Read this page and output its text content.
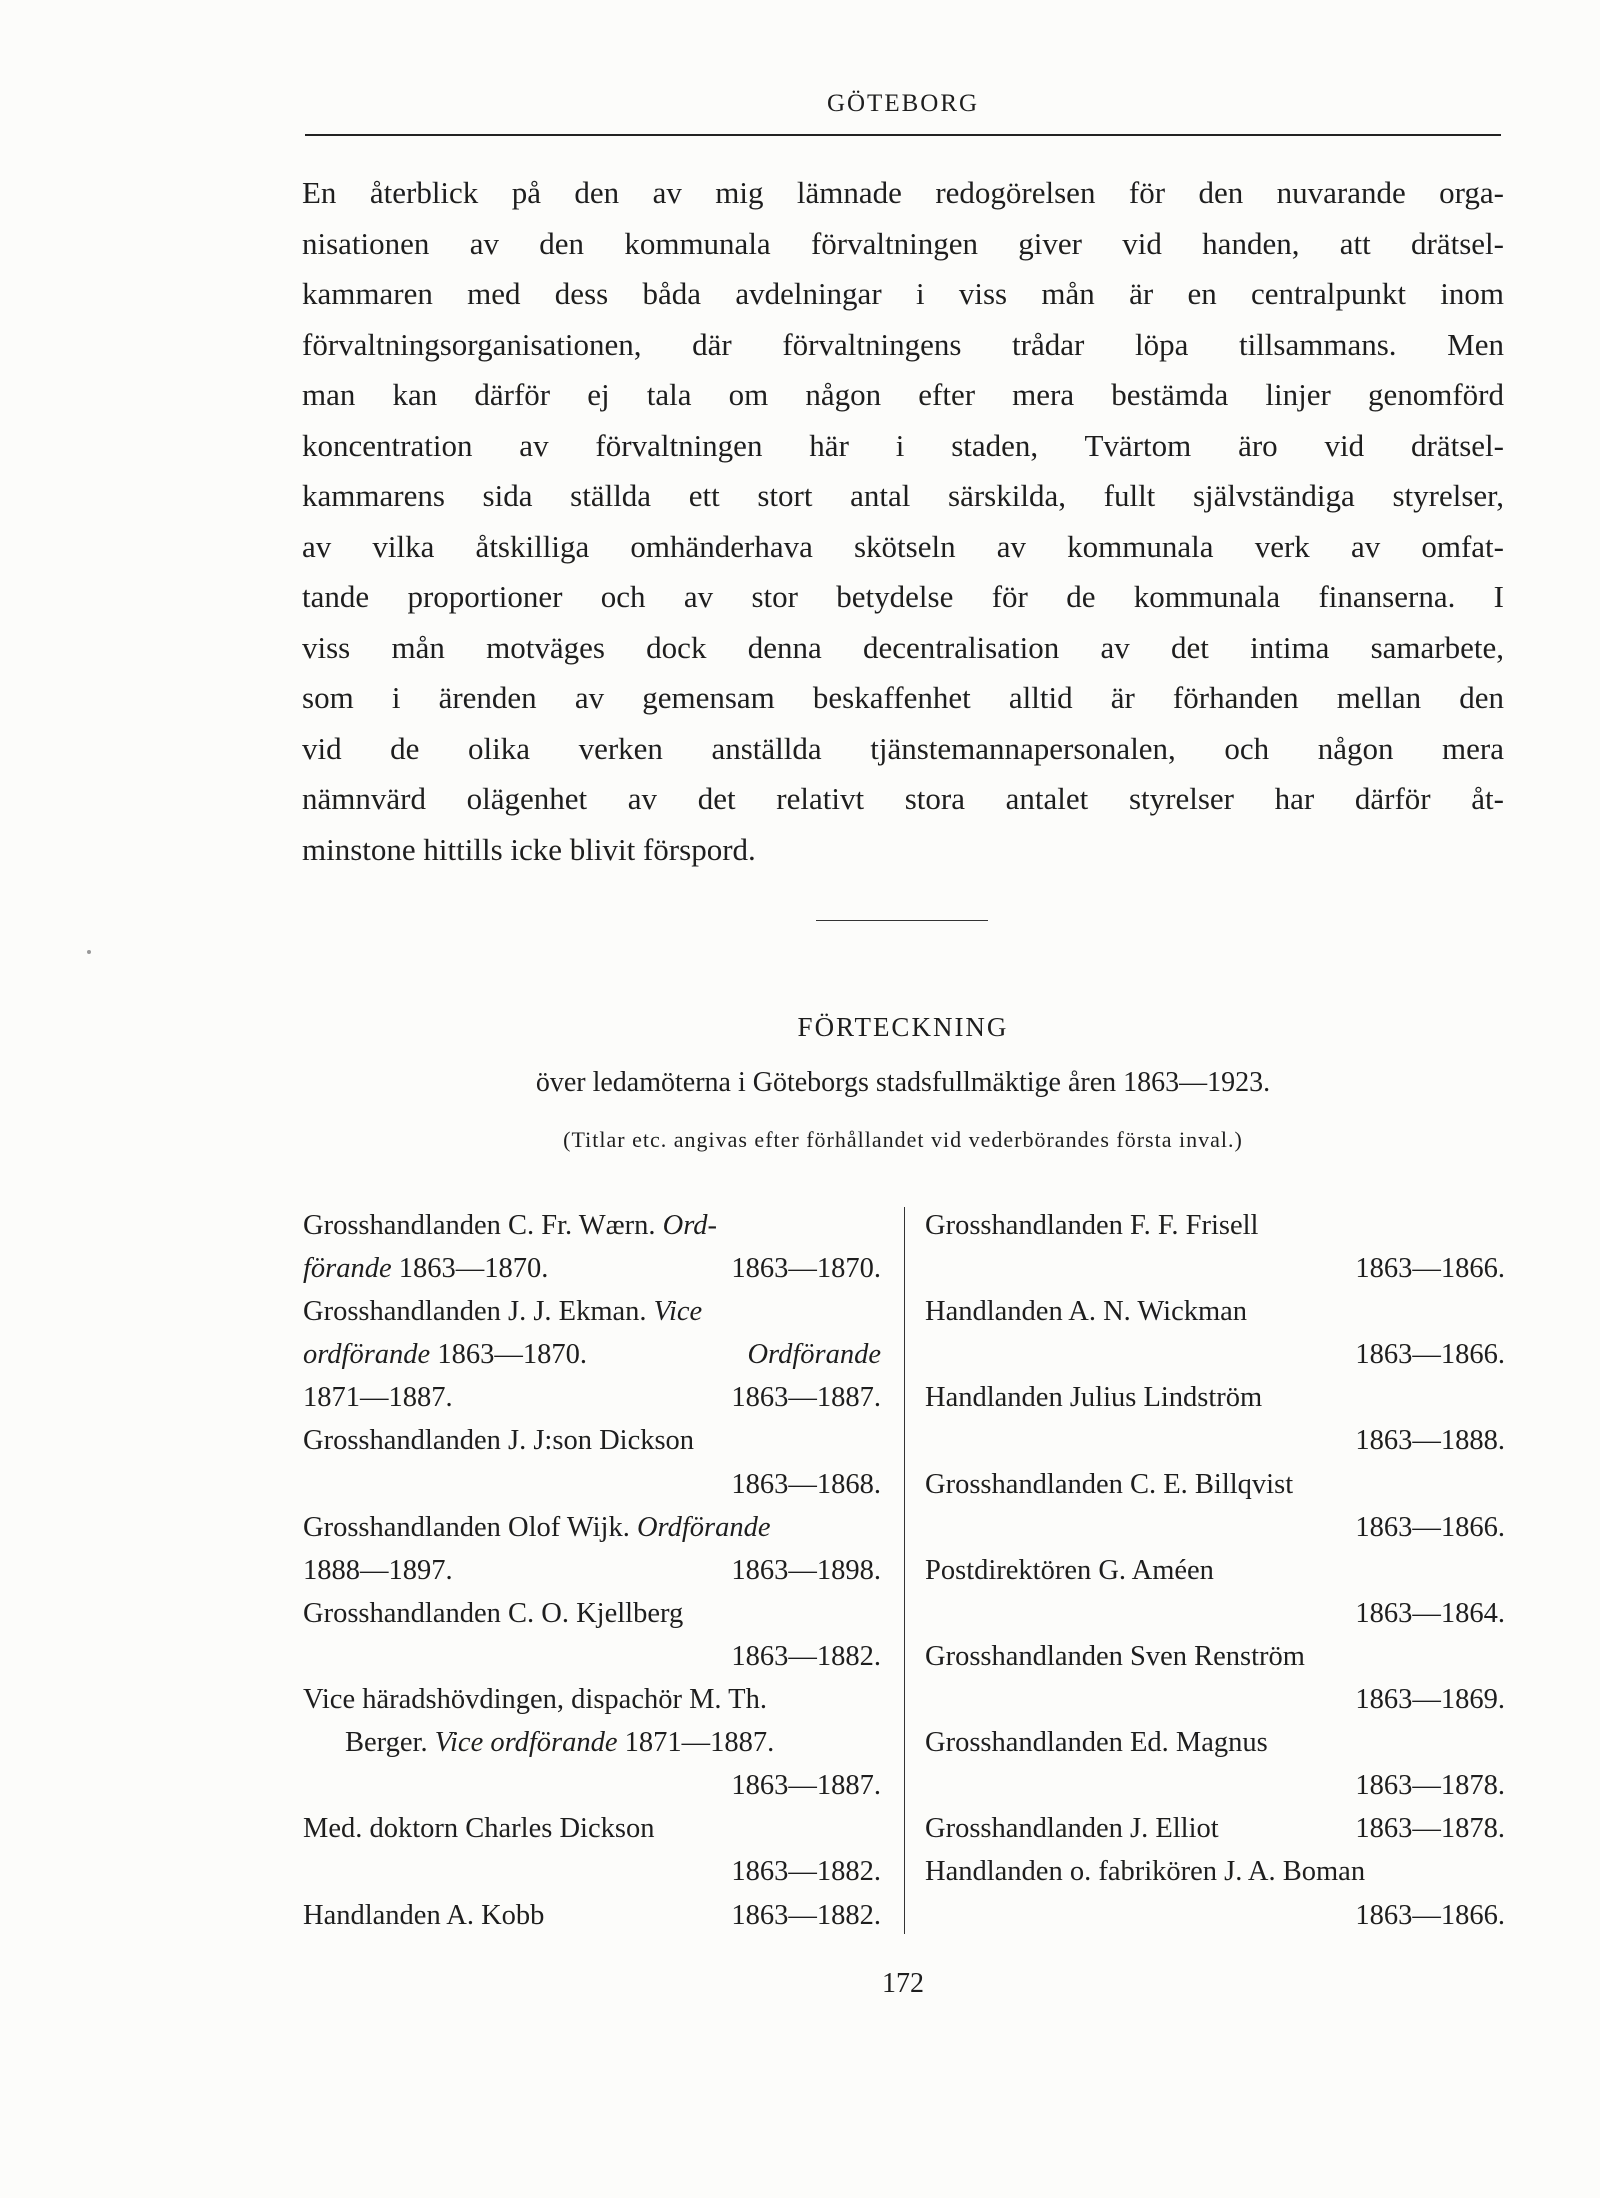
GÖTEBORG
En återblick på den av mig lämnade redogörelsen för den nuvarande orga-
nisationen av den kommunala förvaltningen giver vid handen, att drätsel-
kammaren med dess båda avdelningar i viss mån är en centralpunkt inom
förvaltningsorganisationen, där förvaltningens trådar löpa tillsammans. Men
man kan därför ej tala om någon efter mera bestämda linjer genomförd
koncentration av förvaltningen här i staden, Tvärtom äro vid drätsel-
kammarens sida ställda ett stort antal särskilda, fullt självständiga styrelser,
av vilka åtskilliga omhänderhava skötseln av kommunala verk av omfat-
tande proportioner och av stor betydelse för de kommunala finanserna. I
viss mån motväges dock denna decentralisation av det intima samarbete,
som i ärenden av gemensam beskaffenhet alltid är förhanden mellan den
vid de olika verken anställda tjänstemannapersonalen, och någon mera
nämnvärd olägenhet av det relativt stora antalet styrelser har därför åt-
minstone hittills icke blivit förspord.
FÖRTECKNING
över ledamöterna i Göteborgs stadsfullmäktige åren 1863—1923.
(Titlar etc. angivas efter förhållandet vid vederbörandes första inval.)
Grosshandlanden C. Fr. Wærn. Ord-
förande 1863—1870.	1863—1870.
Grosshandlanden J. J. Ekman. Vice
ordförande 1863—1870.	Ordförande
1871—1887.	1863—1887.
Grosshandlanden J. J:son Dickson
1863—1868.
Grosshandlanden Olof Wijk. Ordförande
1888—1897.	1863—1898.
Grosshandlanden C. O. Kjellberg
1863—1882.
Vice häradshövdingen, dispachör M. Th.
Berger. Vice ordförande 1871—1887.
1863—1887.
Med. doktorn Charles Dickson
1863—1882.
Handlanden A. Kobb	1863—1882.
Grosshandlanden F. F. Frisell
1863—1866.
Handlanden A. N. Wickman
1863—1866.
Handlanden Julius Lindström
1863—1888.
Grosshandlanden C. E. Billqvist
1863—1866.
Postdirektören G. Améen
1863—1864.
Grosshandlanden Sven Renström
1863—1869.
Grosshandlanden Ed. Magnus
1863—1878.
Grosshandlanden J. Elliot	1863—1878.
Handlanden o. fabrikören J. A. Boman
1863—1866.
172
